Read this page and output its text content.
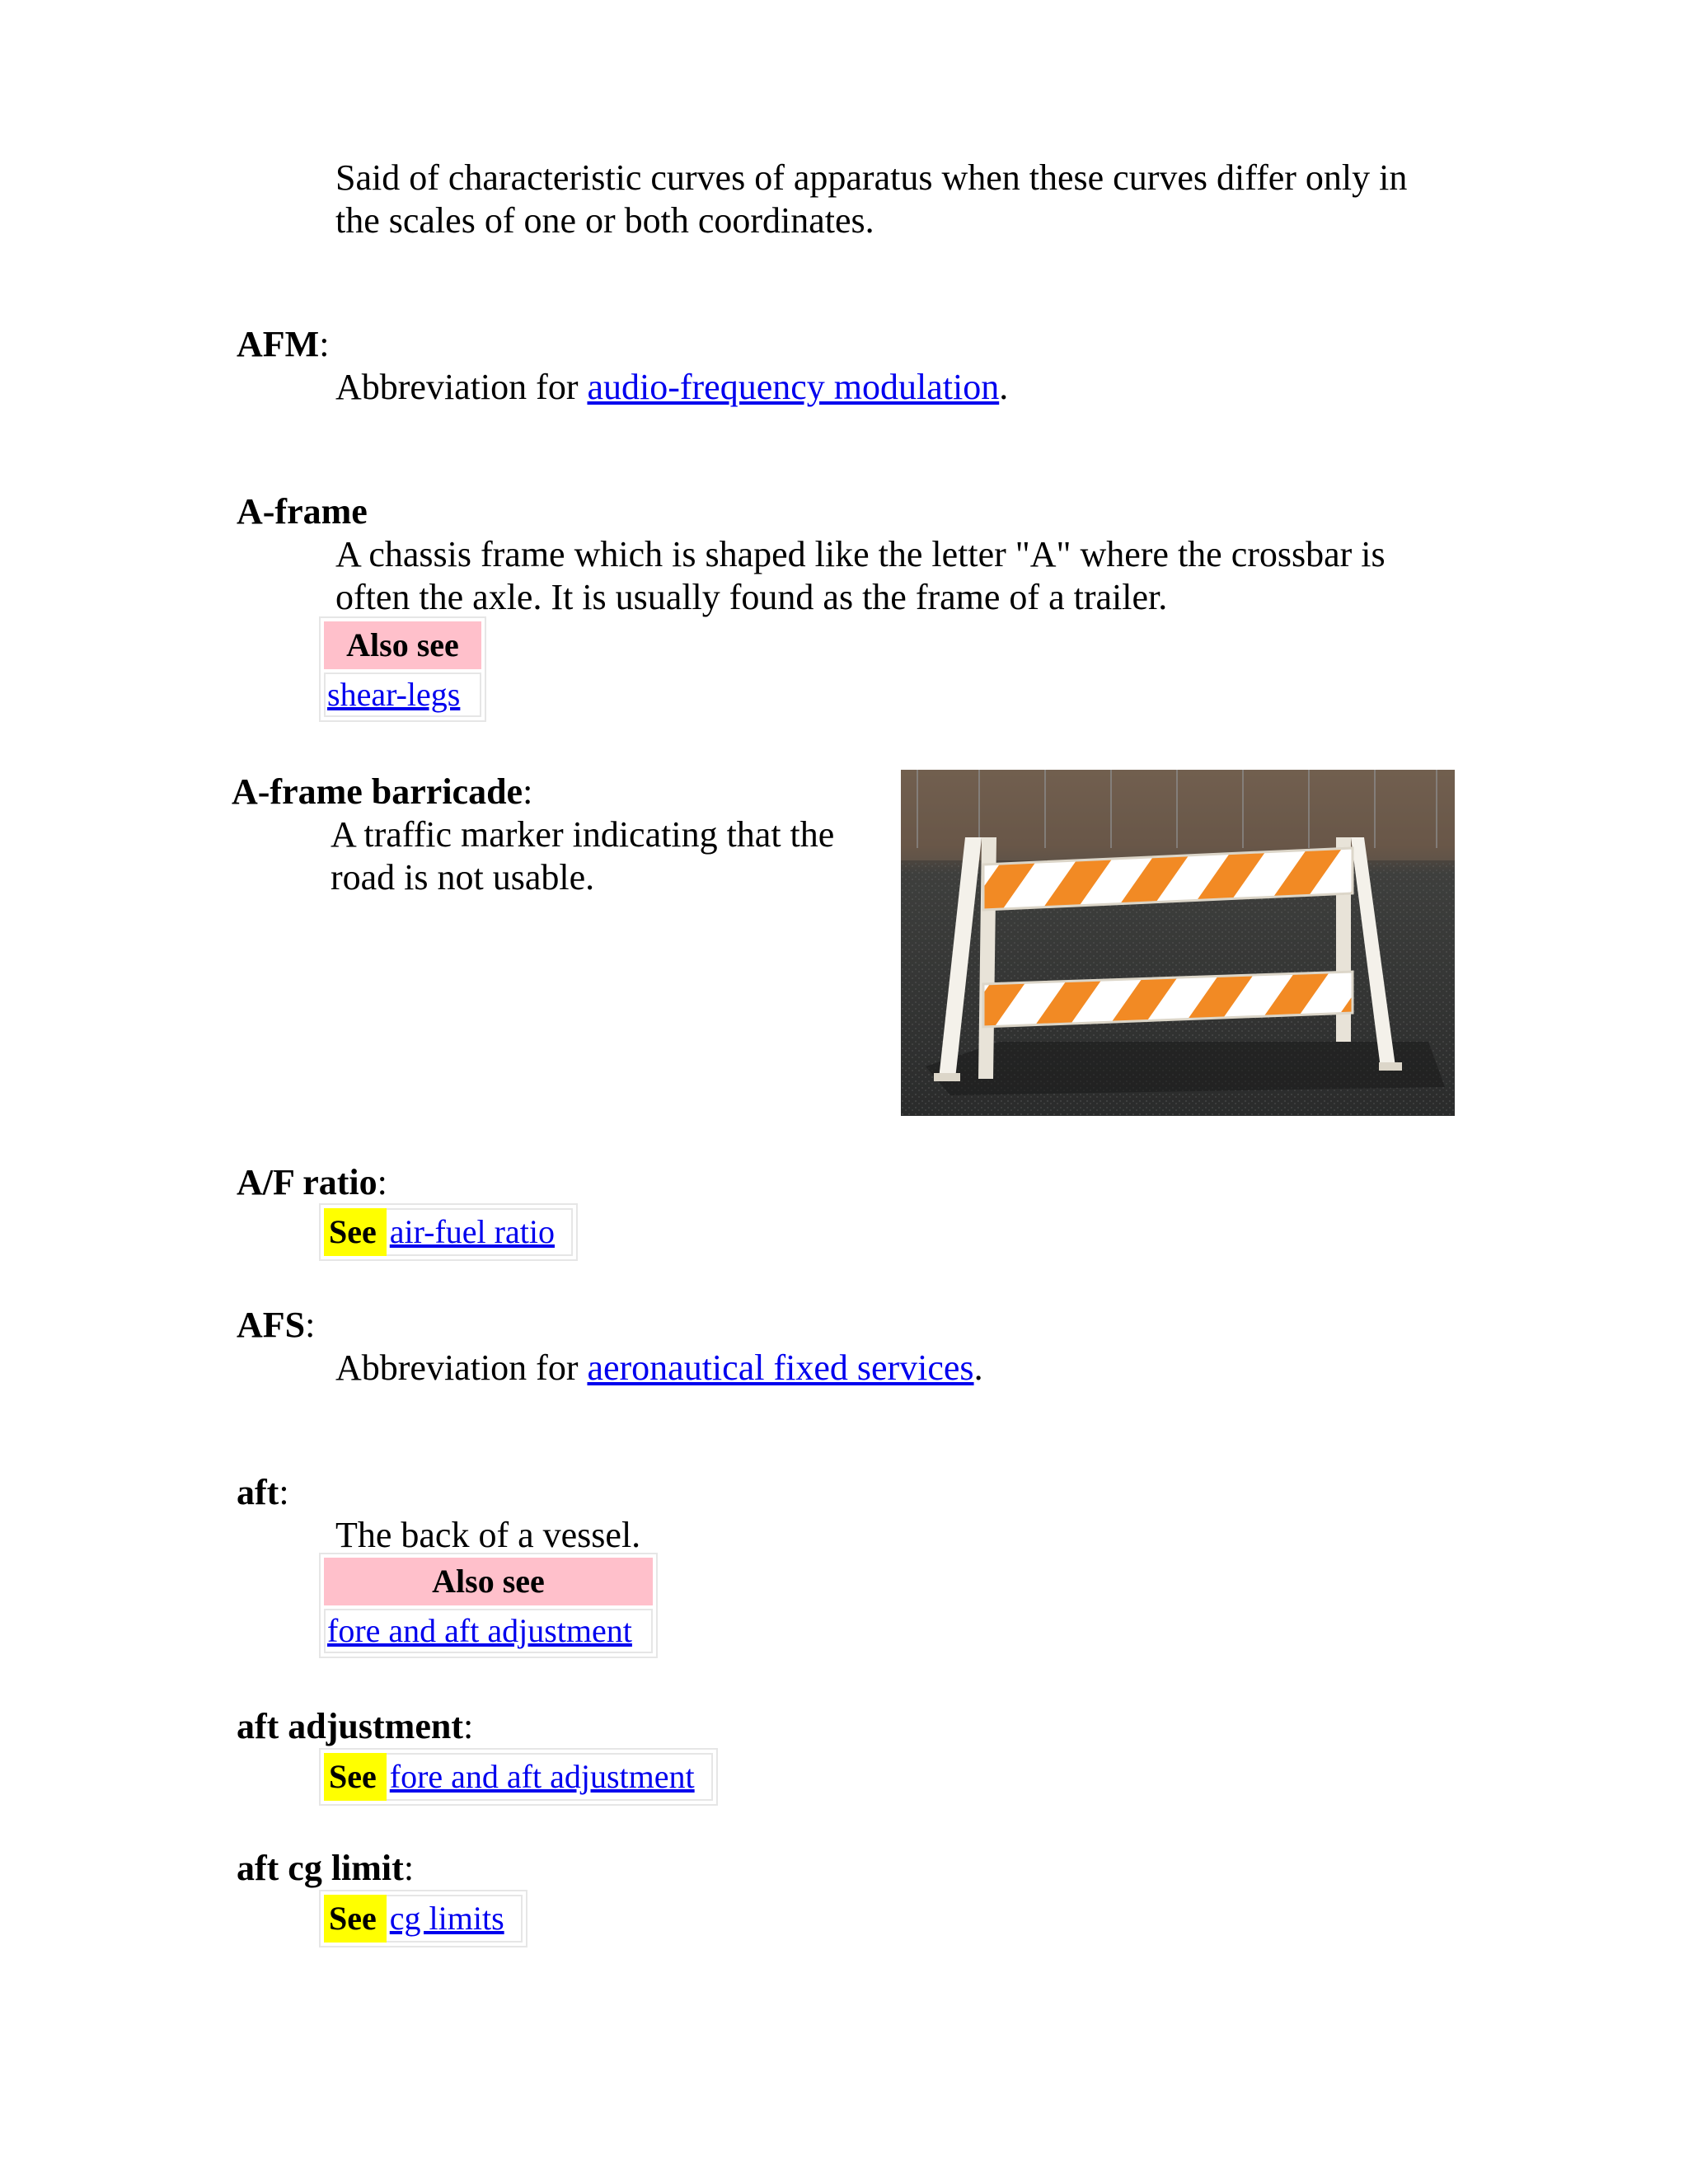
Said of characteristic curves of apparatus when these curves differ only in
the scales of one or both coordinates.
AFM:
Abbreviation for audio-frequency modulation.
A-frame
A chassis frame which is shaped like the letter "A" where the crossbar is
often the axle. It is usually found as the frame of a trailer.
Also see
shear-legs
A-frame barricade:
A traffic marker indicating that the
road is not usable.
A/F ratio:
See air-fuel ratio
AFS:
Abbreviation for aeronautical fixed services.
aft:
The back of a vessel.
Also see
fore and aft adjustment
aft adjustment:
See fore and aft adjustment
aft cg limit:
See cg limits
